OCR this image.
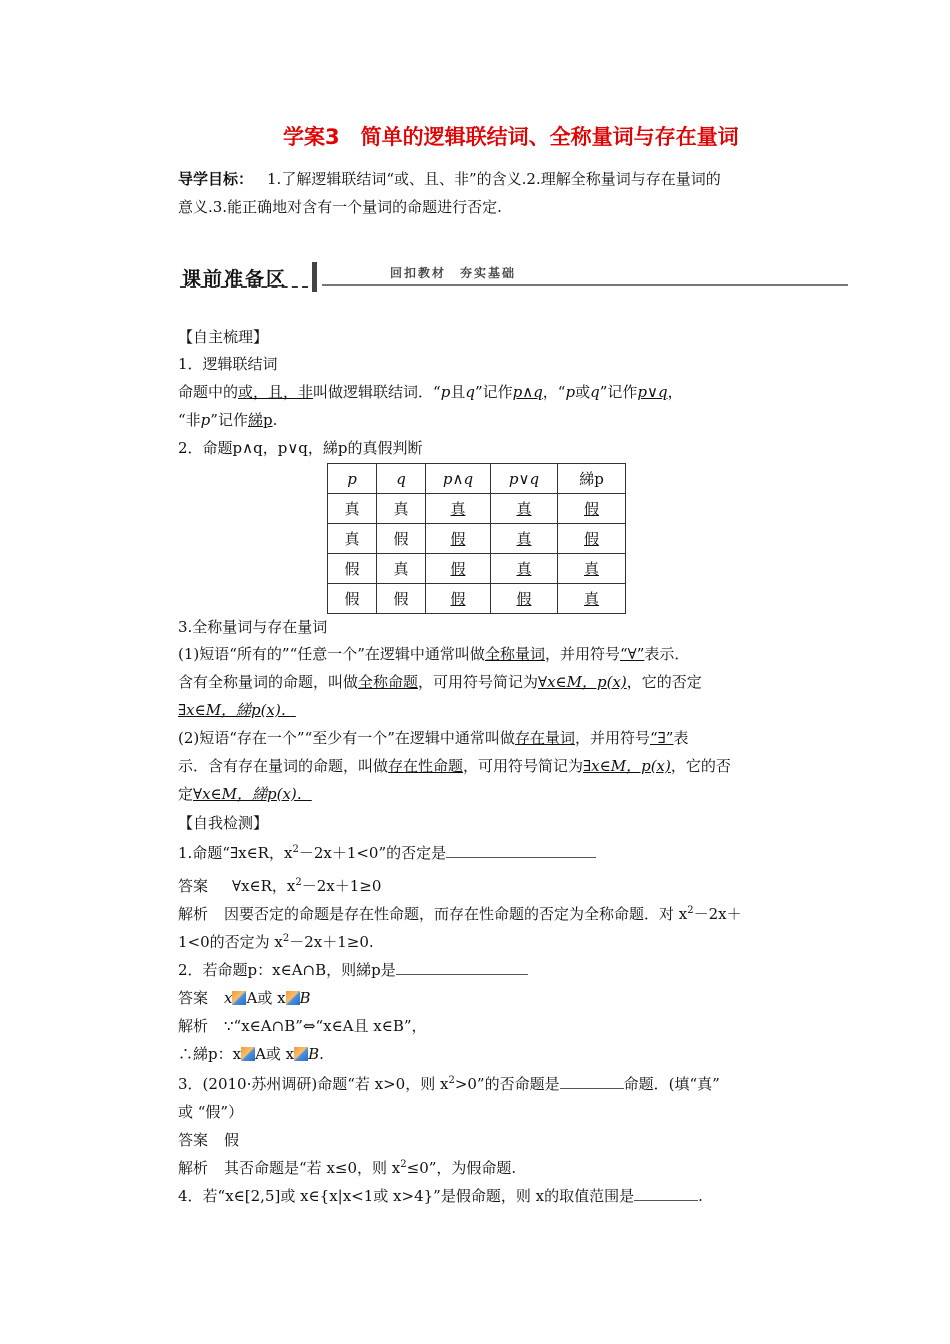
学案3　简单的逻辑联结词、全称量词与存在量词
导学目标： 1.了解逻辑联结词“或、且、非”的含义.2.理解全称量词与存在量词的
意义.3.能正确地对含有一个量词的命题进行否定.
课前准备区	回扣教材　夯实基础
【自主梳理】
1．逻辑联结词
命题中的或，且，非叫做逻辑联结词．“p且q”记作p∧q，“p或q”记作p∨q，
“非p”记作綈p.
2．命题p∧q，p∨q，綈p的真假判断
p	q	p∧q	p∨q	綈p
真	真	真	真	假
真	假	假	真	假
假	真	假	真	真
假	假	假	假	真
3.全称量词与存在量词
(1)短语“所有的”“任意一个”在逻辑中通常叫做全称量词，并用符号“∀”表示．
含有全称量词的命题，叫做全称命题，可用符号简记为∀x∈M，p(x)，它的否定
∃x∈M，綈p(x)．
(2)短语“存在一个”“至少有一个”在逻辑中通常叫做存在量词，并用符号“∃”表
示．含有存在量词的命题，叫做存在性命题，可用符号简记为∃x∈M，p(x)，它的否
定∀x∈M，綈p(x)．
【自我检测】
1.命题“∃x∈R，$x^2-2x+1<0$”的否定是
答案 ∀x∈R，$x^2-2x+1\ge 0$
解析 因要否定的命题是存在性命题，而存在性命题的否定为全称命题．对 $x^2-2x+$
1<0的否定为 $x^2-2x+1\ge 0$.
2．若命题p：x∈A∩B，则綈p是
答案 x A或 x B
解析 ∵“x∈A∩B”⇔“x∈A且 x∈B”，
∴綈p：x A或 x B.
3．(2010·苏州调研)命题“若 x>0，则 $x^2>0$”的否命题是	命题．(填“真”
或 “假”）
答案 假
解析 其否命题是“若 x≤0，则 $x^2\le 0$”，为假命题.
4．若“x∈[2,5]或 x∈{x|x<1或 x>4}”是假命题，则 x的取值范围是	.
